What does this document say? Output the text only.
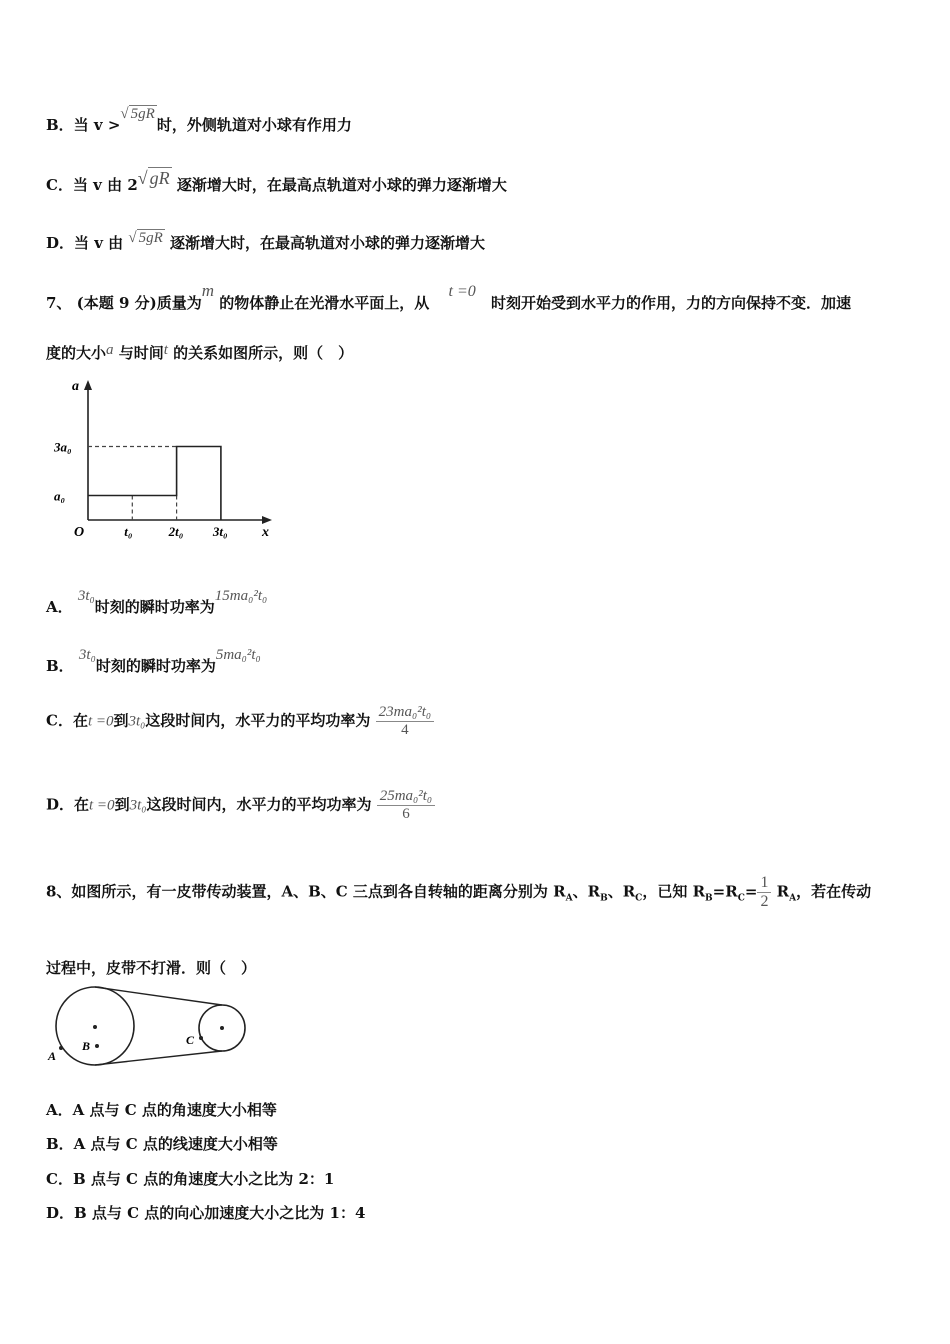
B．当 v >√ 5gR时，外侧轨道对小球有作用力
C．当 v 由 2√ gR 逐渐增大时，在最高点轨道对小球的弹力逐渐增大
D．当 v 由 √ 5gR 逐渐增大时，在最高轨道对小球的弹力逐渐增大
7、 (本题 9 分)质量为m 的物体静止在光滑水平面上，从 t =0 时刻开始受到水平力的作用，力的方向保持不变．加速
度的大小a 与时间t 的关系如图所示，则（　）
t₀	2t₀ 3t₀
a₀
3a₀
a
x
O
A． 3t₀时刻的瞬时功率为15ma₀²t₀
B． 3t₀时刻的瞬时功率为5ma₀²t₀
C．在t =0到3t₀这段时间内，水平力的平均功率为 $\frac{\text{23ma₀²t₀}}{4}$
D．在t =0到3t₀这段时间内，水平力的平均功率为 $\frac{\text{25ma₀²t₀}}{6}$
8、如图所示，有一皮带传动装置，A、B、C 三点到各自转轴的距离分别为 $R_A$、$R_B$、$R_C$，已知 $R_B=R_C= \frac{1}{2} R_A$，若在传动
过程中，皮带不打滑．则（　）
A
B	C
A．A 点与 C 点的角速度大小相等
B．A 点与 C 点的线速度大小相等
C．B 点与 C 点的角速度大小之比为 2：1
D．B 点与 C 点的向心加速度大小之比为 1：4
